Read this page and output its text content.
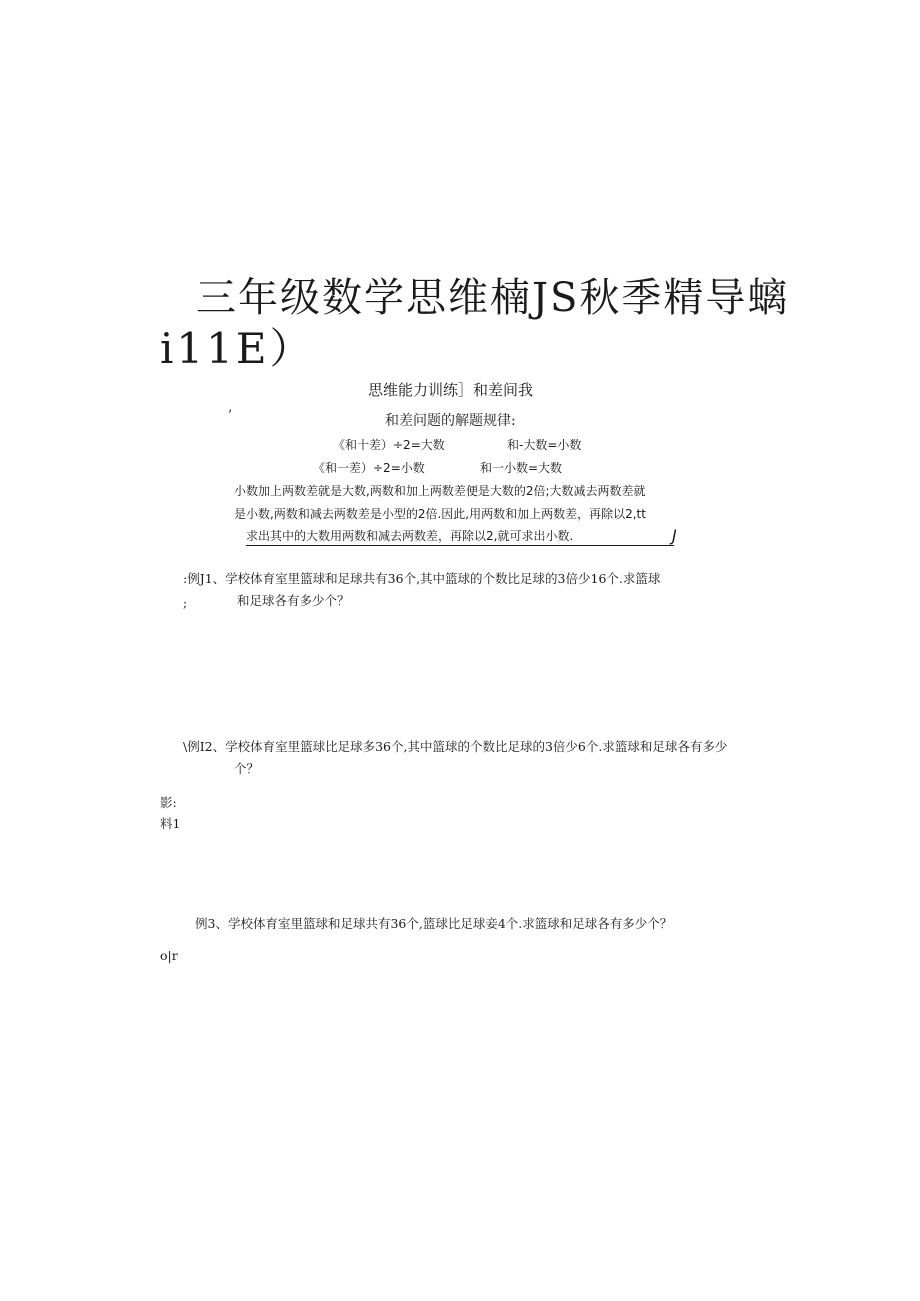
三年级数学思维楠JS秋季精导螭
i11E）
思维能力训练］和差间我
’	和差问题的解题规律:
《和十差）÷2=大数	和-大数=小数
《和一差）÷2=小数	和一小数=大数
小数加上两数差就是大数,两数和加上两数差便是大数的2倍;大数减去两数差就
是小数,两数和减去两数差是小型的2倍.因此,用两数和加上两数差，再除以2,tt
求出其中的大数用两数和减去两数差，再除以2,就可求出小数.	J
:例J1、学校体育室里篮球和足球共有36个,其中篮球的个数比足球的3倍少16个.求篮球
;	和足球各有多少个？
\例I2、学校体育室里篮球比足球多36个,其中篮球的个数比足球的3倍少6个.求篮球和足球各有多少
个？
影:
料1
例3、学校体育室里篮球和足球共有36个,篮球比足球妾4个.求篮球和足球各有多少个？
o|r
